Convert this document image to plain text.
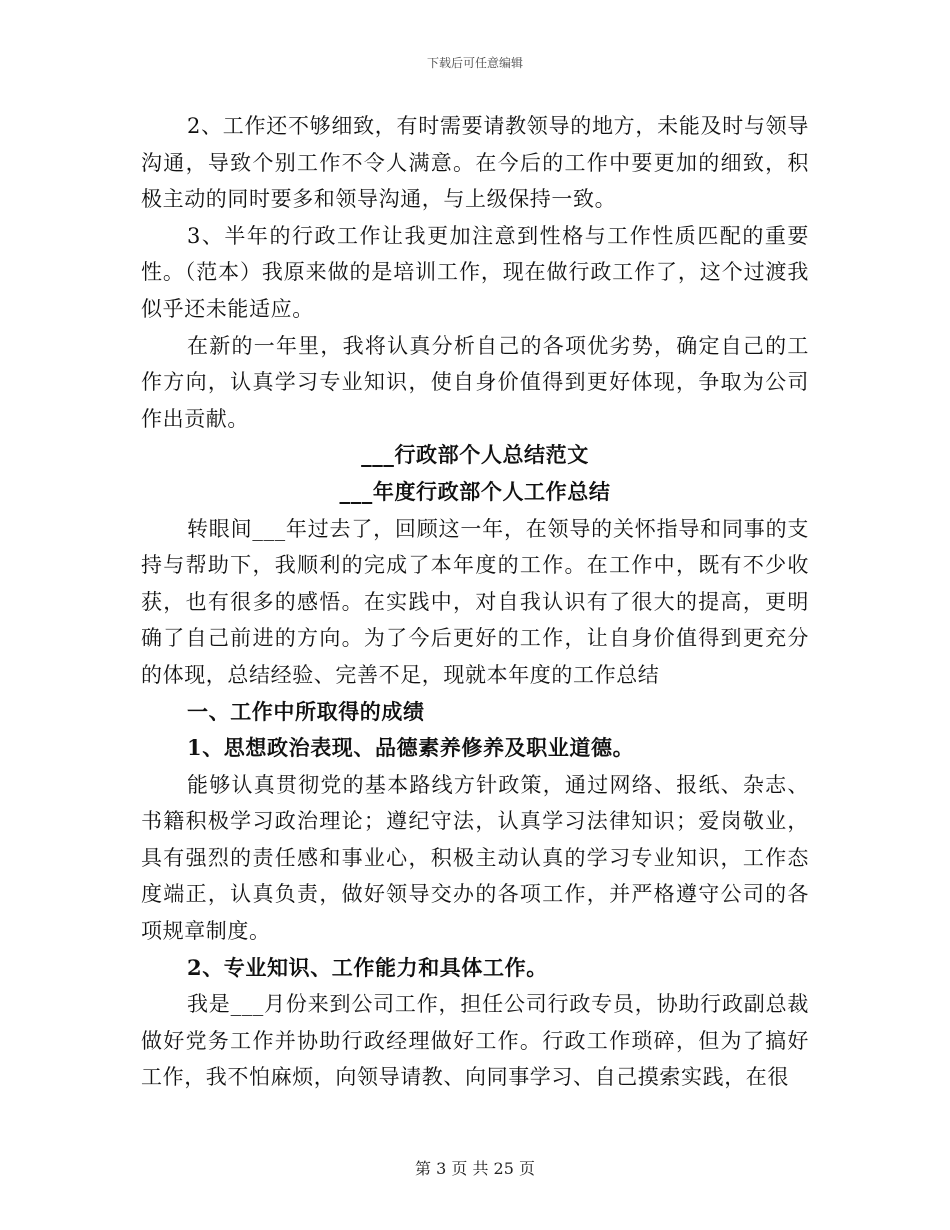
下载后可任意编辑

2、工作还不够细致，有时需要请教领导的地方，未能及时与领导沟通，导致个别工作不令人满意。在今后的工作中要更加的细致，积极主动的同时要多和领导沟通，与上级保持一致。

3、半年的行政工作让我更加注意到性格与工作性质匹配的重要性。（范本）我原来做的是培训工作，现在做行政工作了，这个过渡我似乎还未能适应。

在新的一年里，我将认真分析自己的各项优劣势，确定自己的工作方向，认真学习专业知识，使自身价值得到更好体现，争取为公司作出贡献。

___行政部个人总结范文

___年度行政部个人工作总结

转眼间___年过去了，回顾这一年，在领导的关怀指导和同事的支持与帮助下，我顺利的完成了本年度的工作。在工作中，既有不少收获，也有很多的感悟。在实践中，对自我认识有了很大的提高，更明确了自己前进的方向。为了今后更好的工作，让自身价值得到更充分的体现，总结经验、完善不足，现就本年度的工作总结

一、工作中所取得的成绩

1、思想政治表现、品德素养修养及职业道德。

能够认真贯彻党的基本路线方针政策，通过网络、报纸、杂志、书籍积极学习政治理论；遵纪守法，认真学习法律知识；爱岗敬业，具有强烈的责任感和事业心，积极主动认真的学习专业知识，工作态度端正，认真负责，做好领导交办的各项工作，并严格遵守公司的各项规章制度。

2、专业知识、工作能力和具体工作。

我是___月份来到公司工作，担任公司行政专员，协助行政副总裁做好党务工作并协助行政经理做好工作。行政工作琐碎，但为了搞好工作，我不怕麻烦，向领导请教、向同事学习、自己摸索实践，在很

第 3 页 共 25 页
